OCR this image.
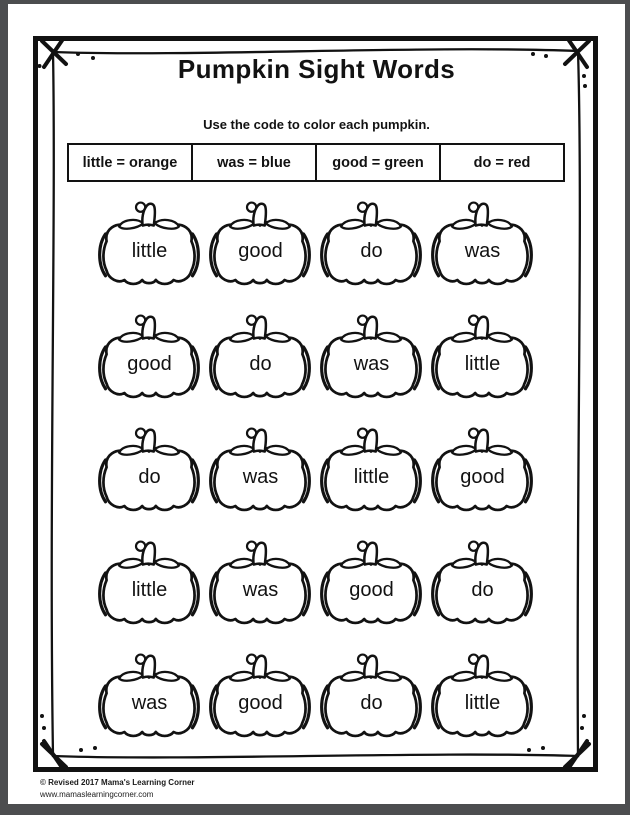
Pumpkin Sight Words
Use the code to color each pumpkin.
little = orange	was = blue	good = green	do = red
little	good	do	was
good	do	was	little
do	was	little	good
little	was	good	do
was	good	do	little
© Revised 2017 Mama's Learning Corner
www.mamaslearningcorner.com
